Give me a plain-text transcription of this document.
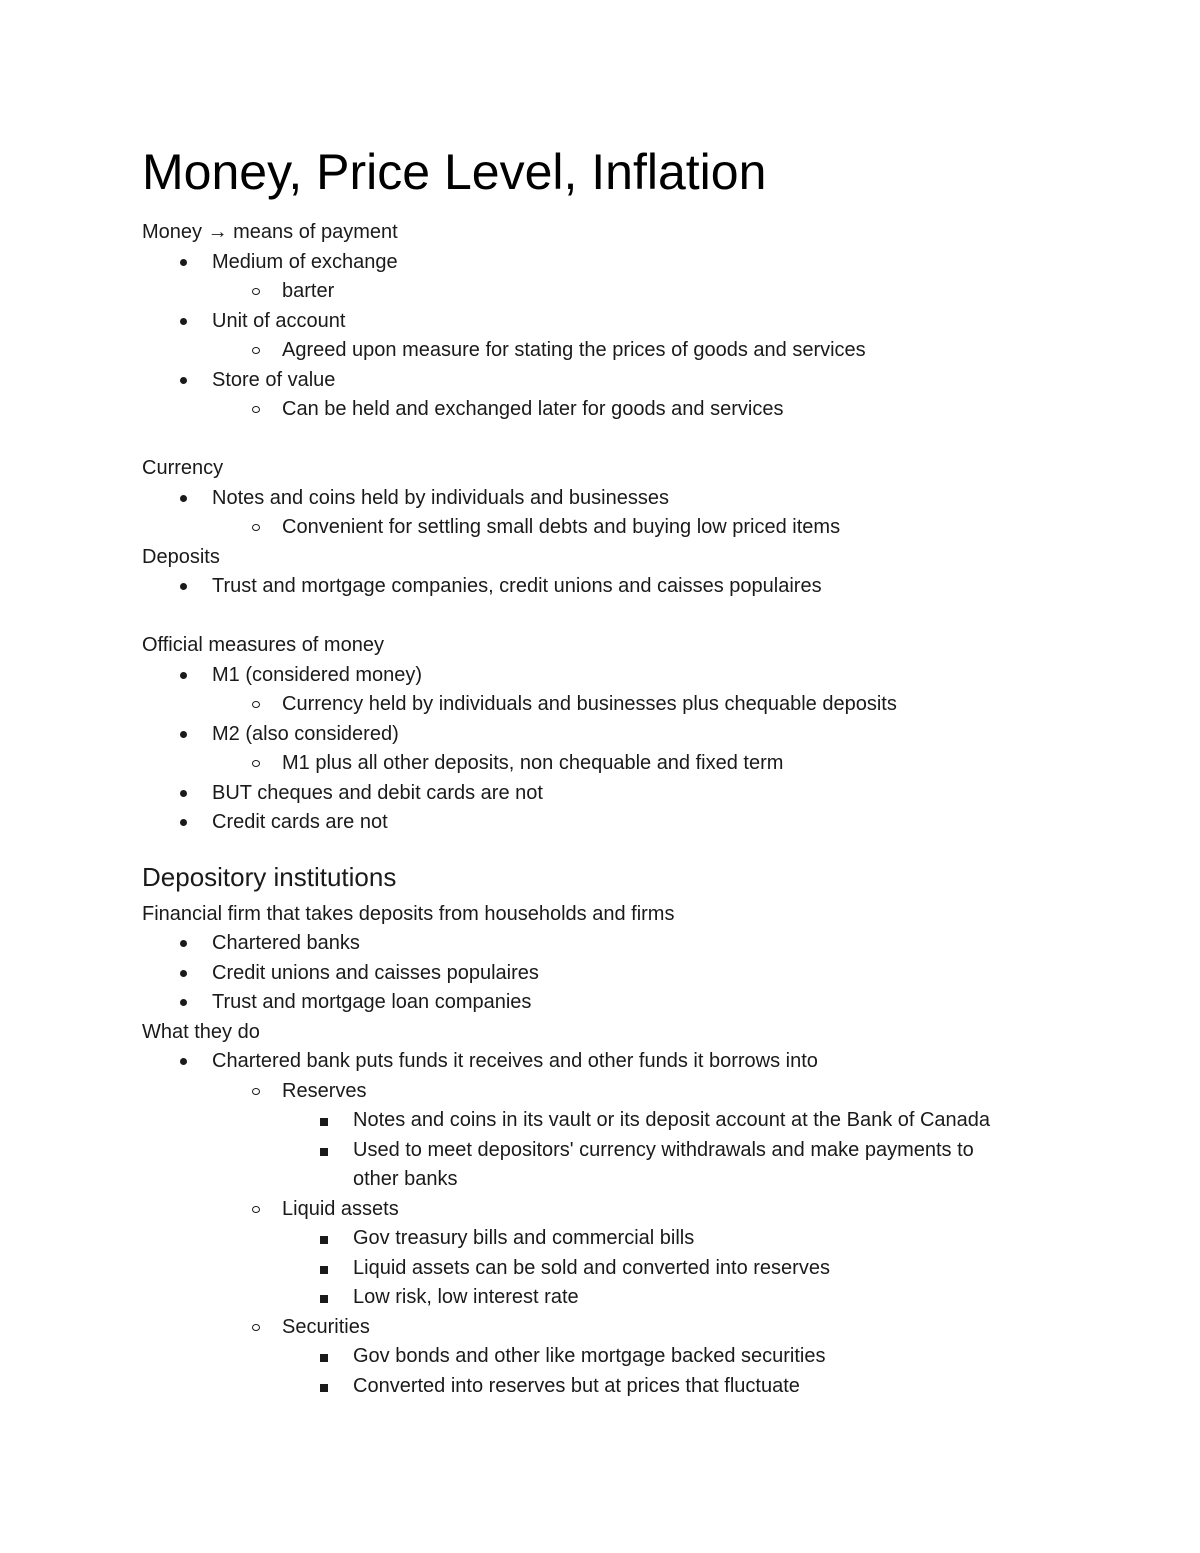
Money, Price Level, Inflation

Money → means of payment

Medium of exchange
barter
Unit of account
Agreed upon measure for stating the prices of goods and services
Store of value
Can be held and exchanged later for goods and services

Currency

Notes and coins held by individuals and businesses
Convenient for settling small debts and buying low priced items

Deposits

Trust and mortgage companies, credit unions and caisses populaires

Official measures of money

M1 (considered money)
Currency held by individuals and businesses plus chequable deposits
M2 (also considered)
M1 plus all other deposits, non chequable and fixed term
BUT cheques and debit cards are not
Credit cards are not
Depository institutions

Financial firm that takes deposits from households and firms

Chartered banks
Credit unions and caisses populaires
Trust and mortgage loan companies

What they do

Chartered bank puts funds it receives and other funds it borrows into
Reserves
Notes and coins in its vault or its deposit account at the Bank of Canada
Used to meet depositors' currency withdrawals and make payments to other banks
Liquid assets
Gov treasury bills and commercial bills
Liquid assets can be sold and converted into reserves
Low risk, low interest rate
Securities
Gov bonds and other like mortgage backed securities
Converted into reserves but at prices that fluctuate
